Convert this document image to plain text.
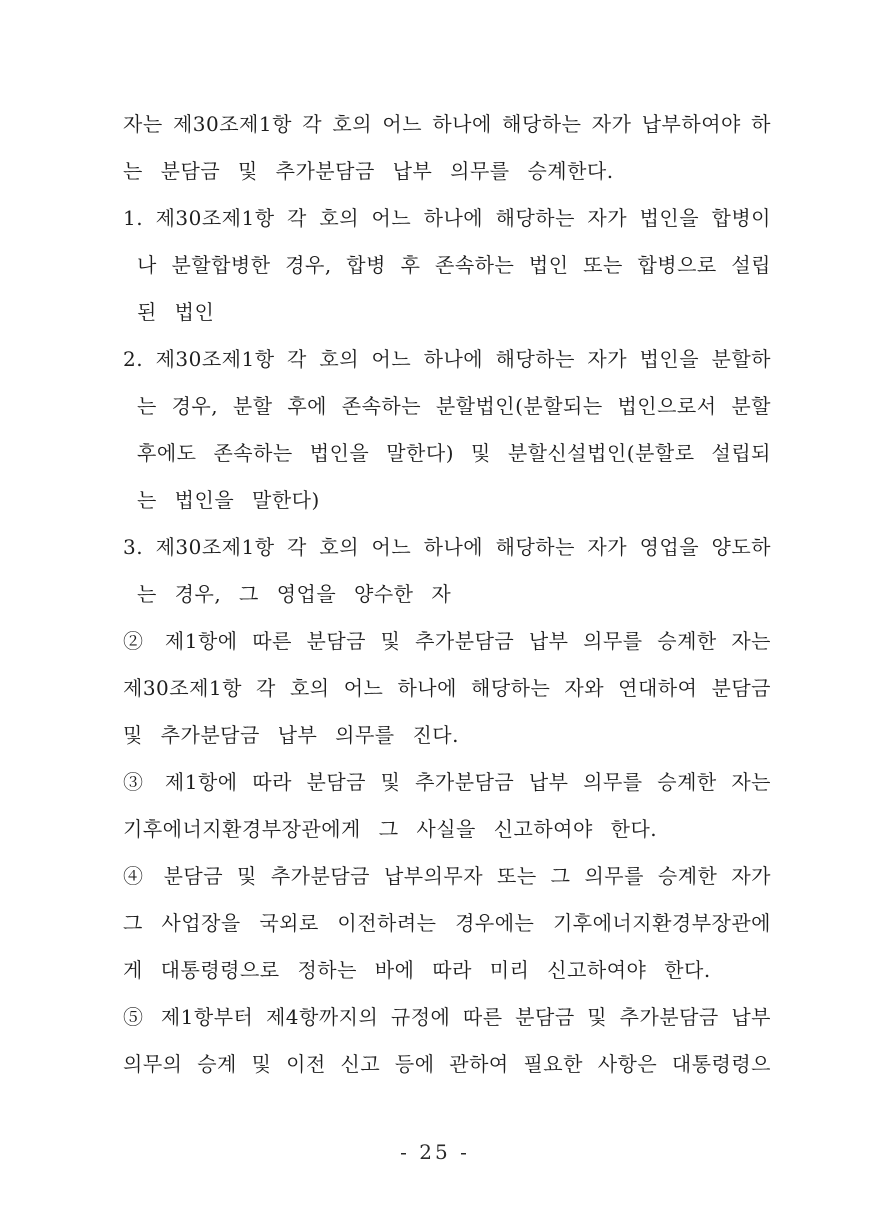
자는 제30조제1항 각 호의 어느 하나에 해당하는 자가 납부하여야 하
는 분담금 및 추가분담금 납부 의무를 승계한다.
1. 제30조제1항 각 호의 어느 하나에 해당하는 자가 법인을 합병이
나 분할합병한 경우, 합병 후 존속하는 법인 또는 합병으로 설립
된 법인
2. 제30조제1항 각 호의 어느 하나에 해당하는 자가 법인을 분할하
는 경우, 분할 후에 존속하는 분할법인(분할되는 법인으로서 분할
후에도 존속하는 법인을 말한다) 및 분할신설법인(분할로 설립되
는 법인을 말한다)
3. 제30조제1항 각 호의 어느 하나에 해당하는 자가 영업을 양도하
는 경우, 그 영업을 양수한 자
② 제1항에 따른 분담금 및 추가분담금 납부 의무를 승계한 자는
제30조제1항 각 호의 어느 하나에 해당하는 자와 연대하여 분담금
및 추가분담금 납부 의무를 진다.
③ 제1항에 따라 분담금 및 추가분담금 납부 의무를 승계한 자는
기후에너지환경부장관에게 그 사실을 신고하여야 한다.
④ 분담금 및 추가분담금 납부의무자 또는 그 의무를 승계한 자가
그 사업장을 국외로 이전하려는 경우에는 기후에너지환경부장관에
게 대통령령으로 정하는 바에 따라 미리 신고하여야 한다.
⑤ 제1항부터 제4항까지의 규정에 따른 분담금 및 추가분담금 납부
의무의 승계 및 이전 신고 등에 관하여 필요한 사항은 대통령령으
- 25 -
